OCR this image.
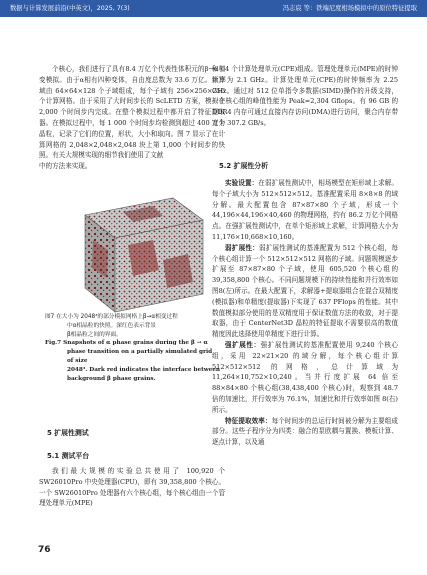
数据与计算发展前沿(中英文)，2025, 7(3)	冯志宸 等：铁端尼度相场模拟中的原位特征提取

个核心，我们进行了具有8.4 万亿个代表性体积元的β→α相变模拟。由于α相有四种变体，自由度总数为 33.6 万亿。计算域由 64×64×128 个子域组成，每个子域有 256×256×256 个计算网格。由于采用了大时间步长的 ScLETD 方案，模拟在 2,000 个时间步内完成。在整个模拟过程中都开启了特征提取器。在模拟过程中，每 1 000 个时间步均检测到超过 400 万个晶粒，记录了它们的位置，形状，大小和取向。图 7 显示了在计算网格的 2,048×2,048×2,048 块上第 1,000 个时间步的快照。有关大规模实现的细节我们使用了文献

中的方法来实现。

图7 在大小为 2048³的部分模拟网格上β→α相变过程
中α相晶粒的快照。深红色表示背景
β相晶粒之间的界面。
Fig.7 Snapshots of α phase grains during the β → α
phase transition on a partially simulated grid of size
2048³. Dark red indicates the interface between
background β phase grains.
5 扩展性测试
5.1 测试平台

我们最大规模的实验总共使用了 100,920 个 SW26010Pro 中央处理器(CPU)，即有 39,358,800 个核心。一个 SW26010Pro 处理器有六个核心组，每个核心组由一个管理处理单元(MPE)

和 64 个计算处理单元(CPE)组成。管理处理单元(MPE)的时钟频率为 2.1 GHz。计算处理单元(CPE)的时钟频率为 2.25 GHz。通过对 512 位单指令多数据(SIMD)操作的升级支持，一个核心组的峰值性能为 Peak=2,304 Gflops。有 96 GB 的 DDR4 内存可通过直接内存访问(DMA)进行访问，聚合内存带宽为 307.2 GB/s。

5.2 扩展性分析

实验设置：在弱扩展性测试中，相场模型在矩形域上求解。每个子域大小为 512×512×512。基准配置采用 8×8×8 的域分解。最大配置包含 87×87×80 个子域，形成一个 44,196×44,196×40,460 的物理网格，约有 86.2 万亿个网格点。在强扩展性测试中，在单个矩形域上求解，计算网格大小为 11,176×10,668×10,160。

弱扩展性：弱扩展性测试的基准配置为 512 个核心组，每个核心组计算一个 512×512×512 网格的子域。问题规模逐步扩展至 87×87×80 个子域，使用 605,520 个核心组的 39,358,800 个核心。不同问题规模下的持续性能和并行效率如图8(左)所示。在最大配置下，求解器+提取器组合在混合双精度(模拟器)和单精度(提取器)下实现了 637 PFlops 的性能。其中数值模拟部分使用的是双精度用于保证数值方法的收敛，对于提取器，由于 CenterNet3D 晶粒的特征提取不需要很高的数值精度因此选择使用单精度下进行计算。

强扩展性：强扩展性测试的基准配置使用 9,240 个核心组，采用 22×21×20 的域分解，每个核心组计算 512×512×512 的网格，总计算域为 11,264×10,752×10,240。当并行度扩展 64 倍至 88×84×80 个核心组(38,438,400 个核心)时，观察到 48.7 倍的加速比，并行效率为 76.1%，加速比和并行效率如图 8(右)所示。

特征提取效率：每个时间步的总运行时间被分解为主要组成部分。这些子程序分为四类：融合的泵欧耦与置换、模板计算、逐点计算，以及通

76
